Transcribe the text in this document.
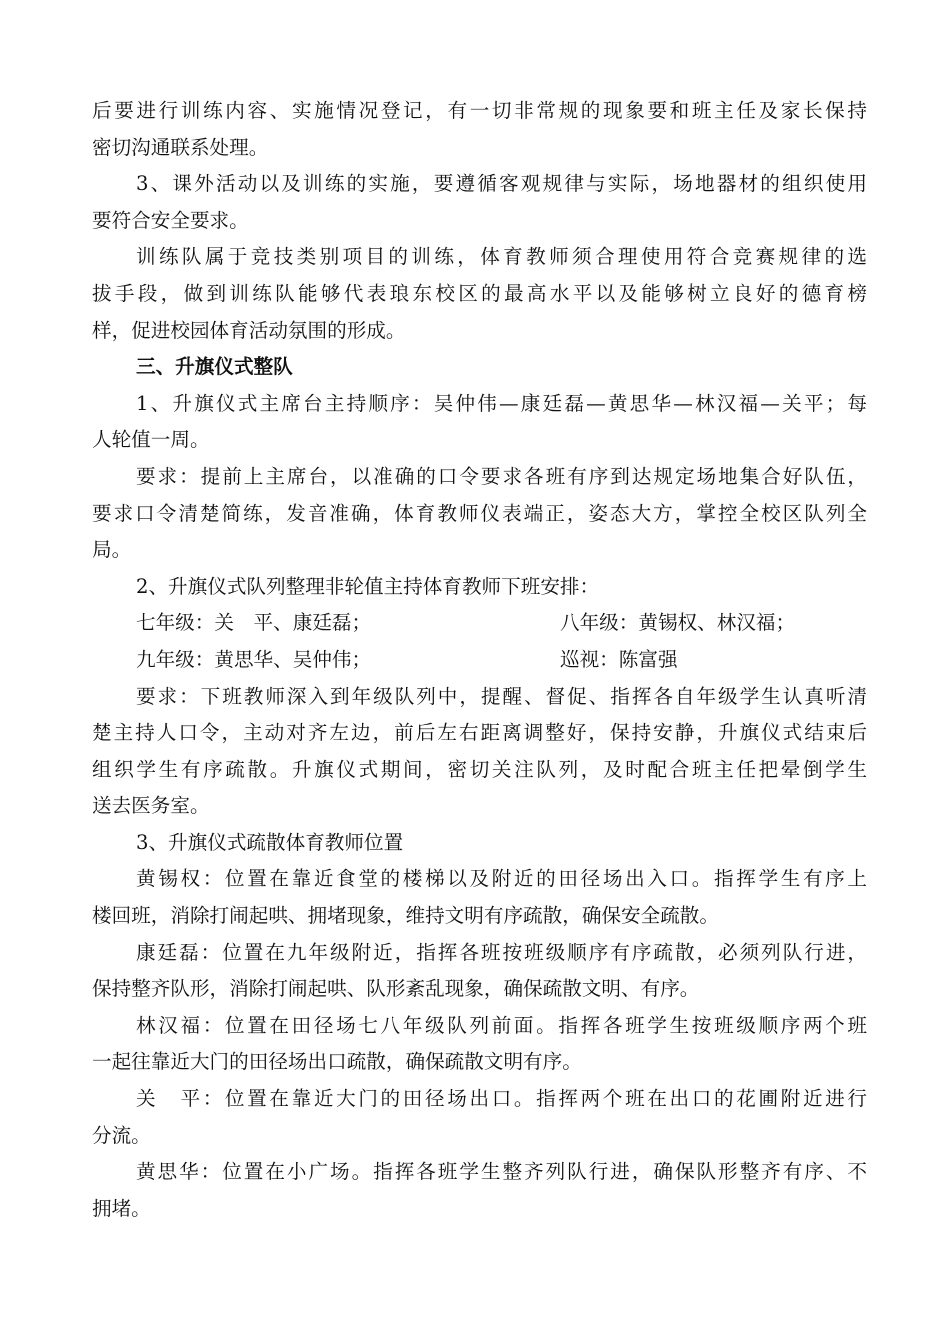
后要进行训练内容、实施情况登记，有一切非常规的现象要和班主任及家长保持
密切沟通联系处理。
3、课外活动以及训练的实施，要遵循客观规律与实际，场地器材的组织使用
要符合安全要求。
训练队属于竞技类别项目的训练，体育教师须合理使用符合竞赛规律的选
拔手段，做到训练队能够代表琅东校区的最高水平以及能够树立良好的德育榜
样，促进校园体育活动氛围的形成。
三、升旗仪式整队
1、升旗仪式主席台主持顺序：吴仲伟—康廷磊—黄思华—林汉福—关平；每
人轮值一周。
要求：提前上主席台，以准确的口令要求各班有序到达规定场地集合好队伍，
要求口令清楚简练，发音准确，体育教师仪表端正，姿态大方，掌控全校区队列全
局。
2、升旗仪式队列整理非轮值主持体育教师下班安排：
七年级：关　平、康廷磊；	八年级：黄锡权、林汉福；
九年级：黄思华、吴仲伟；	巡视：陈富强
要求：下班教师深入到年级队列中，提醒、督促、指挥各自年级学生认真听清
楚主持人口令，主动对齐左边，前后左右距离调整好，保持安静，升旗仪式结束后
组织学生有序疏散。升旗仪式期间，密切关注队列，及时配合班主任把晕倒学生
送去医务室。
3、升旗仪式疏散体育教师位置
黄锡权：位置在靠近食堂的楼梯以及附近的田径场出入口。指挥学生有序上
楼回班，消除打闹起哄、拥堵现象，维持文明有序疏散，确保安全疏散。
康廷磊：位置在九年级附近，指挥各班按班级顺序有序疏散，必须列队行进，
保持整齐队形，消除打闹起哄、队形紊乱现象，确保疏散文明、有序。
林汉福：位置在田径场七八年级队列前面。指挥各班学生按班级顺序两个班
一起往靠近大门的田径场出口疏散，确保疏散文明有序。
关　平：位置在靠近大门的田径场出口。指挥两个班在出口的花圃附近进行
分流。
黄思华：位置在小广场。指挥各班学生整齐列队行进，确保队形整齐有序、不
拥堵。
